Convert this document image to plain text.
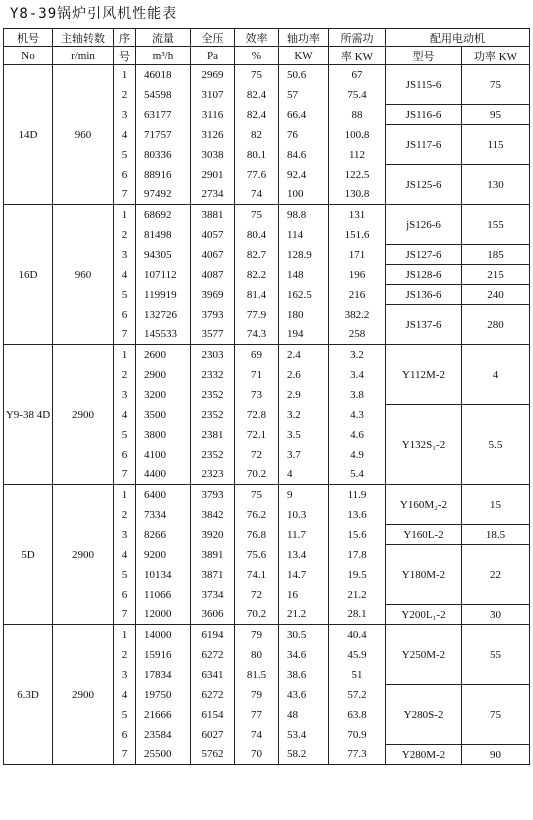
Y8-39锅炉引风机性能表
机号	主轴转数	序	流量	全压	效率	轴功率	所需功	配用电动机	
No	r/min	号	m³/h	Pa	%	KW	率 KW	型号	功率 KW
14D	960	1	46018	2969	75	50.6	67	JS115-6	75
		2	54598	3107	82.4	57	75.4		
		3	63177	3116	82.4	66.4	88	JS116-6	95
		4	71757	3126	82	76	100.8	JS117-6	115
		5	80336	3038	80.1	84.6	112		
		6	88916	2901	77.6	92.4	122.5	JS125-6	130
		7	97492	2734	74	100	130.8		
16D	960	1	68692	3881	75	98.8	131	jS126-6	155
		2	81498	4057	80.4	114	151.6		
		3	94305	4067	82.7	128.9	171	JS127-6	185
		4	107112	4087	82.2	148	196	JS128-6	215
		5	119919	3969	81.4	162.5	216	JS136-6	240
		6	132726	3793	77.9	180	382.2	JS137-6	280
		7	145533	3577	74.3	194	258		
Y9-38 4D	2900	1	2600	2303	69	2.4	3.2	Y112M-2	4
		2	2900	2332	71	2.6	3.4		
		3	3200	2352	73	2.9	3.8		
		4	3500	2352	72.8	3.2	4.3	Y132S₁-2	5.5
		5	3800	2381	72.1	3.5	4.6		
		6	4100	2352	72	3.7	4.9		
		7	4400	2323	70.2	4	5.4		
5D	2900	1	6400	3793	75	9	11.9	Y160M₂-2	15
		2	7334	3842	76.2	10.3	13.6		
		3	8266	3920	76.8	11.7	15.6	Y160L-2	18.5
		4	9200	3891	75.6	13.4	17.8	Y180M-2	22
		5	10134	3871	74.1	14.7	19.5		
		6	11066	3734	72	16	21.2		
		7	12000	3606	70.2	21.2	28.1	Y200L₁-2	30
6.3D	2900	1	14000	6194	79	30.5	40.4	Y250M-2	55
		2	15916	6272	80	34.6	45.9		
		3	17834	6341	81.5	38.6	51		
		4	19750	6272	79	43.6	57.2	Y280S-2	75
		5	21666	6154	77	48	63.8		
		6	23584	6027	74	53.4	70.9		
		7	25500	5762	70	58.2	77.3	Y280M-2	90
